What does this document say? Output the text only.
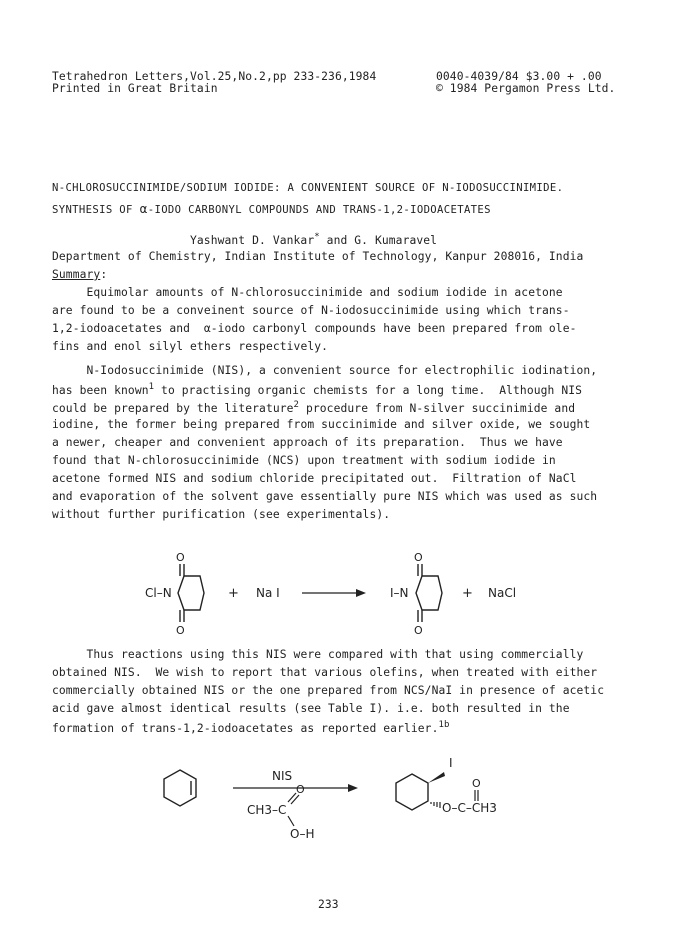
Tetrahedron Letters,Vol.25,No.2,pp 233-236,1984
Printed in Great Britain
0040-4039/84 $3.00 + .00
© 1984 Pergamon Press Ltd.
N-CHLOROSUCCINIMIDE/SODIUM IODIDE: A CONVENIENT SOURCE OF N-IODOSUCCINIMIDE.
SYNTHESIS OF α-IODO CARBONYL COMPOUNDS AND TRANS-1,2-IODOACETATES
Yashwant D. Vankar* and G. Kumaravel
Department of Chemistry, Indian Institute of Technology, Kanpur 208016, India
Summary:
Equimolar amounts of N-chlorosuccinimide and sodium iodide in acetone
are found to be a conveinent source of N-iodosuccinimide using which trans-
1,2-iodoacetates and  α-iodo carbonyl compounds have been prepared from ole-
fins and enol silyl ethers respectively.
N-Iodosuccinimide (NIS), a convenient source for electrophilic iodination,
has been known$^1$ to practising organic chemists for a long time.  Although NIS
could be prepared by the literature$^2$ procedure from N-silver succinimide and
iodine, the former being prepared from succinimide and silver oxide, we sought
a newer, cheaper and convenient approach of its preparation.  Thus we have
found that N-chlorosuccinimide (NCS) upon treatment with sodium iodide in
acetone formed NIS and sodium chloride precipitated out.  Filtration of NaCl
and evaporation of the solvent gave essentially pure NIS which was used as such
without further purification (see experimentals).
O
O
Cl–N	+ Na I
O
O
I–N	+ NaCl
Thus reactions using this NIS were compared with that using commercially
obtained NIS.  We wish to report that various olefins, when treated with either
commercially obtained NIS or the one prepared from NCS/NaI in presence of acetic
acid gave almost identical results (see Table I). i.e. both resulted in the
formation of trans-1,2-iodoacetates as reported earlier.$^{1b}$
NIS
CH3–C
O
O–H
I
O–C–CH3
O
233
